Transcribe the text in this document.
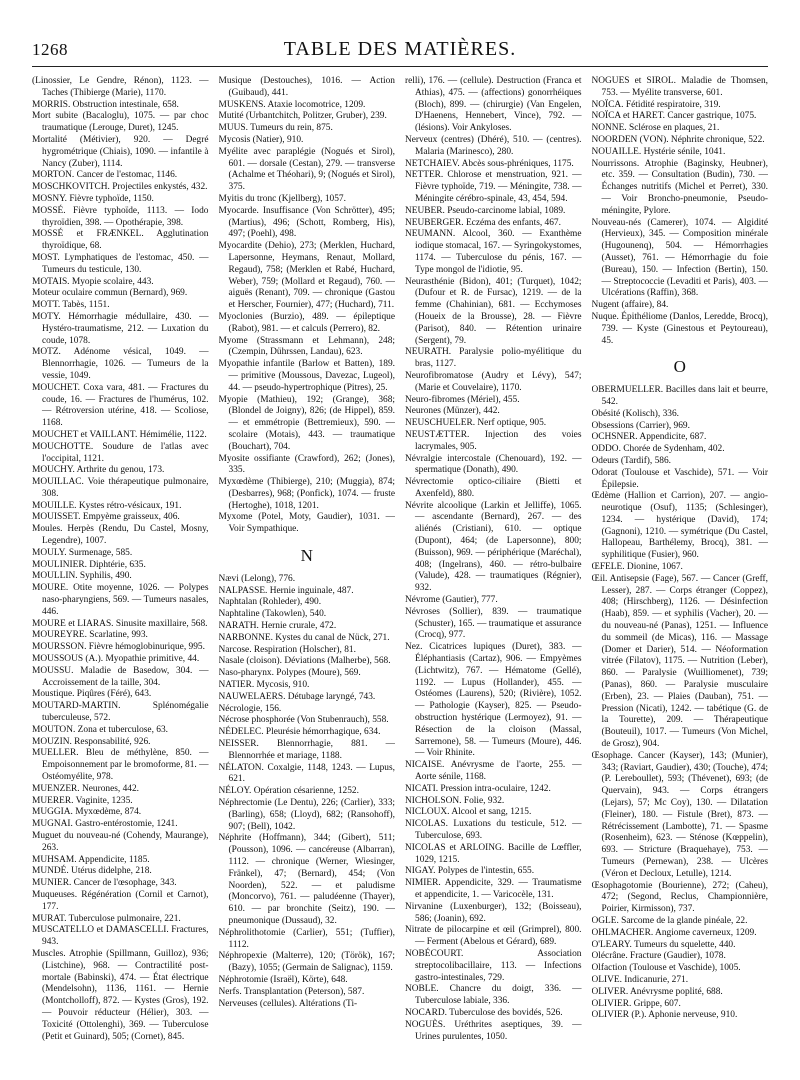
1268	TABLE DES MATIÈRES.

(Linossier, Le Gendre, Rénon), 1123. — Taches (Thibierge (Marie), 1170.

MORRIS. Obstruction intestinale, 658.

Mort subite (Bacaloglu), 1075. — par choc traumatique (Lerouge, Duret), 1245.

Mortalité (Métivier), 920. — Degré hygrométrique (Chiais), 1090. — infantile à Nancy (Zuber), 1114.

MORTON. Cancer de l'estomac, 1146.

MOSCHKOVITCH. Projectiles enkystés, 432.

MOSNY. Fièvre typhoïde, 1150.

MOSSÉ. Fièvre typhoïde, 1113. — Iodo thyroïdien, 398. — Opothérapie, 398.

MOSSÉ et FRÆNKEL. Agglutination thyroïdique, 68.

MOST. Lymphatiques de l'estomac, 450. — Tumeurs du testicule, 130.

MOTAIS. Myopie scolaire, 443.

Moteur oculaire commun (Bernard), 969.

MOTT. Tabès, 1151.

MOTY. Hémorrhagie médullaire, 430. — Hystéro-traumatisme, 212. — Luxation du coude, 1078.

MOTZ. Adénome vésical, 1049. — Blennorrhagie, 1026. — Tumeurs de la vessie, 1049.

MOUCHET. Coxa vara, 481. — Fractures du coude, 16. — Fractures de l'humérus, 102. — Rétroversion utérine, 418. — Scoliose, 1168.

MOUCHET et VAILLANT. Hémimélie, 1122.

MOUCHOTTE. Soudure de l'atlas avec l'occipital, 1121.

MOUCHY. Arthrite du genou, 173.

MOUILLAC. Voie thérapeutique pulmonaire, 308.

MOUILLE. Kystes rétro-vésicaux, 191.

MOUISSET. Empyème graisseux, 406.

Moules. Herpès (Rendu, Du Castel, Mosny, Legendre), 1007.

MOULY. Surmenage, 585.

MOULINIER. Diphtérie, 635.

MOULLIN. Syphilis, 490.

MOURE. Otite moyenne, 1026. — Polypes naso-pharyngiens, 569. — Tumeurs nasales, 446.

MOURE et LIARAS. Sinusite maxillaire, 568.

MOUREYRE. Scarlatine, 993.

MOURSSON. Fièvre hémoglobinurique, 995.

MOUSSOUS (A.). Myopathie primitive, 44.

MOUSSU. Maladie de Basedow, 304. — Accroissement de la taille, 304.

Moustique. Piqûres (Féré), 643.

MOUTARD-MARTIN. Splénomégalie tuberculeuse, 572.

MOUTON. Zona et tuberculose, 63.

MOUZIN. Responsabilité, 926.

MUELLER. Bleu de méthylène, 850. — Empoisonnement par le bromoforme, 81. — Ostéomyélite, 978.

MUENZER. Neurones, 442.

MUERER. Vaginite, 1235.

MUGGIA. Myxœdème, 874.

MUGNAI. Gastro-entérostomie, 1241.

Muguet du nouveau-né (Cohendy, Maurange), 263.

MUHSAM. Appendicite, 1185.

MUNDÉ. Utérus didelphe, 218.

MUNIER. Cancer de l'œsophage, 343.

Muqueuses. Régénération (Cornil et Carnot), 177.

MURAT. Tuberculose pulmonaire, 221.

MUSCATELLO et DAMASCELLI. Fractures, 943.

Muscles. Atrophie (Spillmann, Guilloz), 936; (Listchine), 968. — Contractilité post-mortale (Babinski), 474. — État électrique (Mendelsohn), 1136, 1161. — Hernie (Montcholloff), 872. — Kystes (Gros), 192. — Pouvoir réducteur (Hélier), 303. — Toxicité (Ottolenghi), 369. — Tuberculose (Petit et Guinard), 505; (Cornet), 845.

Musique (Destouches), 1016. — Action (Guibaud), 441.

MUSKENS. Ataxie locomotrice, 1209.

Mutité (Urbantchitch, Politzer, Gruber), 239.

MUUS. Tumeurs du rein, 875.

Mycosis (Natier), 910.

Myélite avec paraplégie (Nogués et Sirol), 601. — dorsale (Cestan), 279. — transverse (Achalme et Théohari), 9; (Nogués et Sirol), 375.

Myitis du tronc (Kjellberg), 1057.

Myocarde. Insuffisance (Von Schrötter), 495; (Martius), 496; (Schott, Romberg, His), 497; (Poehl), 498.

Myocardite (Dehio), 273; (Merklen, Huchard, Lapersonne, Heymans, Renaut, Mollard, Regaud), 758; (Merklen et Rabé, Huchard, Weber), 759; (Mollard et Regaud), 760. — aiguës (Renant), 709. — chronique (Gastou et Herscher, Fournier), 477; (Huchard), 711.

Myoclonies (Burzio), 489. — épileptique (Rabot), 981. — et calculs (Perrero), 82.

Myome (Strassmann et Lehmann), 248; (Czempin, Dührssen, Landau), 623.

Myopathie infantile (Barlow et Batten), 189. — primitive (Moussous, Davezac, Lugeol), 44. — pseudo-hypertrophique (Pitres), 25.

Myopie (Mathieu), 192; (Grange), 368; (Blondel de Joigny), 826; (de Hippel), 859. — et emmétropie (Bettremieux), 590. — scolaire (Motais), 443. — traumatique (Bouchart), 704.

Myosite ossifiante (Crawford), 262; (Jones), 335.

Myxœdème (Thibierge), 210; (Muggia), 874; (Desbarres), 968; (Ponfick), 1074. — fruste (Hertoghe), 1018, 1201.

Myxome (Potel, Moty, Gaudier), 1031. — Voir Sympathique.

N

Nævi (Lelong), 776.

NALPASSE. Hernie inguinale, 487.

Naphtalan (Rohleder), 490.

Naphtaline (Takowlen), 540.

NARATH. Hernie crurale, 472.

NARBONNE. Kystes du canal de Nück, 271.

Narcose. Respiration (Holscher), 81.

Nasale (cloison). Déviations (Malherbe), 568.

Naso-pharynx. Polypes (Moure), 569.

NATIER. Mycosis, 910.

NAUWELAERS. Détubage laryngé, 743.

Nécrologie, 156.

Nécrose phosphorée (Von Stubenrauch), 558.

NÉDELEC. Pleurésie hémorrhagique, 634.

NEISSER. Blennorrhagie, 881. — Blennorrhée et mariage, 1188.

NÉLATON. Coxalgie, 1148, 1243. — Lupus, 621.

NÉLOY. Opération césarienne, 1252.

Néphrectomie (Le Dentu), 226; (Carlier), 333; (Barling), 658; (Lloyd), 682; (Ransohoff), 907; (Bell), 1042.

Néphrite (Hoffmann), 344; (Gibert), 511; (Pousson), 1096. — cancéreuse (Albarran), 1112. — chronique (Werner, Wiesinger, Fränkel), 47; (Bernard), 454; (Von Noorden), 522. — et paludisme (Moncorvo), 761. — paludéenne (Thayer), 610. — par bronchite (Seitz), 190. — pneumonique (Dussaud), 32.

Néphrolithotomie (Carlier), 551; (Tuffier), 1112.

Néphropexie (Malterre), 120; (Török), 167; (Bazy), 1055; (Germain de Salignac), 1159.

Néphrotomie (Israël), Körte), 648.

Nerfs. Transplantation (Peterson), 587.

Nerveuses (cellules). Altérations (Ti-

relli), 176. — (cellule). Destruction (Franca et Athias), 475. — (affections) gonorrhéiques (Bloch), 899. — (chirurgie) (Van Engelen, D'Haenens, Hennebert, Vince), 792. — (lésions). Voir Ankyloses.

Nerveux (centres) (Dhéré), 510. — (centres). Malaria (Marinesco), 280.

NETCHAIEV. Abcès sous-phréniques, 1175.

NETTER. Chlorose et menstruation, 921. — Fièvre typhoïde, 719. — Méningite, 738. — Méningite cérébro-spinale, 43, 454, 594.

NEUBER. Pseudo-carcinome labial, 1089.

NEUBERGER. Eczéma des enfants, 467.

NEUMANN. Alcool, 360. — Exanthème iodique stomacal, 167. — Syringokystomes, 1174. — Tuberculose du pénis, 167. — Type mongol de l'idiotie, 95.

Neurasthénie (Bidon), 401; (Turquet), 1042; (Dufour et R. de Fursac), 1219. — de la femme (Chahinian), 681. — Ecchymoses (Houeix de la Brousse), 28. — Fièvre (Parisot), 840. — Rétention urinaire (Sergent), 79.

NEURATH. Paralysie polio-myélitique du bras, 1127.

Neurofibromatose (Audry et Lévy), 547; (Marie et Couvelaire), 1170.

Neuro-fibromes (Mériel), 455.

Neurones (Münzer), 442.

NEUSCHUELER. Nerf optique, 905.

NEUSTÆTTER. Injection des voies lacrymales, 905.

Névralgie intercostale (Chenouard), 192. — spermatique (Donath), 490.

Névrectomie optico-ciliaire (Bietti et Axenfeld), 880.

Névrite alcoolique (Larkin et Jelliffe), 1065. — ascendante (Bernard), 267. — des aliénés (Cristiani), 610. — optique (Dupont), 464; (de Lapersonne), 800; (Buisson), 969. — périphérique (Maréchal), 408; (Ingelrans), 460. — rétro-bulbaire (Valude), 428. — traumatiques (Régnier), 932.

Névrome (Gautier), 777.

Névroses (Sollier), 839. — traumatique (Schuster), 165. — traumatique et assurance (Crocq), 977.

Nez. Cicatrices lupiques (Duret), 383. — Éléphantiasis (Cartaz), 906. — Empyèmes (Lichtwitz), 767. — Hématome (Gellé), 1192. — Lupus (Hollander), 455. — Ostéomes (Laurens), 520; (Rivière), 1052. — Pathologie (Kayser), 825. — Pseudo-obstruction hystérique (Lermoyez), 91. — Résection de la cloison (Massal, Sarremone), 58. — Tumeurs (Moure), 446. — Voir Rhinite.

NICAISE. Anévrysme de l'aorte, 255. — Aorte sénile, 1168.

NICATI. Pression intra-oculaire, 1242.

NICHOLSON. Folie, 932.

NICLOUX. Alcool et sang, 1215.

NICOLAS. Luxations du testicule, 512. — Tuberculose, 693.

NICOLAS et ARLOING. Bacille de Lœffler, 1029, 1215.

NIGAY. Polypes de l'intestin, 655.

NIMIER. Appendicite, 329. — Traumatisme et appendicite, 1. — Varicocèle, 131.

Nirvanine (Luxenburger), 132; (Boisseau), 586; (Joanin), 692.

Nitrate de pilocarpine et œil (Grimprel), 800. — Ferment (Abelous et Gérard), 689.

NOBÉCOURT. Association streptocolibacillaire, 113. — Infections gastro-intestinales, 729.

NOBLE. Chancre du doigt, 336. — Tuberculose labiale, 336.

NOCARD. Tuberculose des bovidés, 526.

NOGUÈS. Uréthrites aseptiques, 39. — Urines purulentes, 1050.

NOGUÈS et SIROL. Maladie de Thomsen, 753. — Myélite transverse, 601.

NOÏCA. Fétidité respiratoire, 319.

NOÏCA et HARET. Cancer gastrique, 1075.

NONNE. Sclérose en plaques, 21.

NOORDEN (VON). Néphrite chronique, 522.

NOUAILLE. Hystérie sénile, 1041.

Nourrissons. Atrophie (Baginsky, Heubner), etc. 359. — Consultation (Budin), 730. — Échanges nutritifs (Michel et Perret), 330. — Voir Broncho-pneumonie, Pseudo-méningite, Pylore.

Nouveau-nés (Camerer), 1074. — Algidité (Hervieux), 345. — Composition minérale (Hugounenq), 504. — Hémorrhagies (Ausset), 761. — Hémorrhagie du foie (Bureau), 150. — Infection (Bertin), 150. — Streptococcie (Levaditi et Paris), 403. — Ulcérations (Raffin), 368.

Nugent (affaire), 84.

Nuque. Épithéliome (Danlos, Leredde, Brocq), 739. — Kyste (Ginestous et Peytoureau), 45.

O

OBERMUELLER. Bacilles dans lait et beurre, 542.

Obésité (Kolisch), 336.

Obsessions (Carrier), 969.

OCHSNER. Appendicite, 687.

ODDO. Chorée de Sydenham, 402.

Odeurs (Tardif), 586.

Odorat (Toulouse et Vaschide), 571. — Voir Épilepsie.

Œdème (Hallion et Carrion), 207. — angio-neurotique (Osuf), 1135; (Schlesinger), 1234. — hystérique (David), 174; (Gagnoni), 1210. — symétrique (Du Castel, Hallopeau, Barthélemy, Brocq), 381. — syphilitique (Fusier), 960.

ŒFELE. Dionine, 1067.

Œil. Antisepsie (Fage), 567. — Cancer (Greff, Lesser), 287. — Corps étranger (Coppez), 408; (Hirschberg), 1126. — Désinfection (Haab), 859. — et syphilis (Vacher), 20. — du nouveau-né (Panas), 1251. — Influence du sommeil (de Micas), 116. — Massage (Domer et Darier), 514. — Néoformation vitrée (Filatov), 1175. — Nutrition (Leber), 860. — Paralysie (Wuilliomenet), 739; (Panas), 860. — Paralysie musculaire (Erben), 23. — Plaies (Dauban), 751. — Pression (Nicati), 1242. — tabétique (G. de la Tourette), 209. — Thérapeutique (Bouteuil), 1017. — Tumeurs (Von Michel, de Grosz), 904.

Œsophage. Cancer (Kayser), 143; (Munier), 343; (Raviart, Gaudier), 430; (Touche), 474; (P. Lereboullet), 593; (Thévenet), 693; (de Quervain), 943. — Corps étrangers (Lejars), 57; Mc Coy), 130. — Dilatation (Fleiner), 180. — Fistule (Bret), 873. — Rétrécissement (Lambotte), 71. — Spasme (Rosenheim), 623. — Sténose (Kœppelin), 693. — Stricture (Braquehaye), 753. — Tumeurs (Pernewan), 238. — Ulcères (Véron et Decloux, Letulle), 1214.

Œsophagotomie (Bourienne), 272; (Caheu), 472; (Segond, Reclus, Championnière, Poirier, Kirmisson), 737.

OGLE. Sarcome de la glande pinéale, 22.

OHLMACHER. Angiome caverneux, 1209.

O'LEARY. Tumeurs du squelette, 440.

Olécrâne. Fracture (Gaudier), 1078.

Olfaction (Toulouse et Vaschide), 1005.

OLIVE. Indicanurie, 271.

OLIVER. Anévrysme poplité, 688.

OLIVIER. Grippe, 607.

OLIVIER (P.). Aphonie nerveuse, 910.
